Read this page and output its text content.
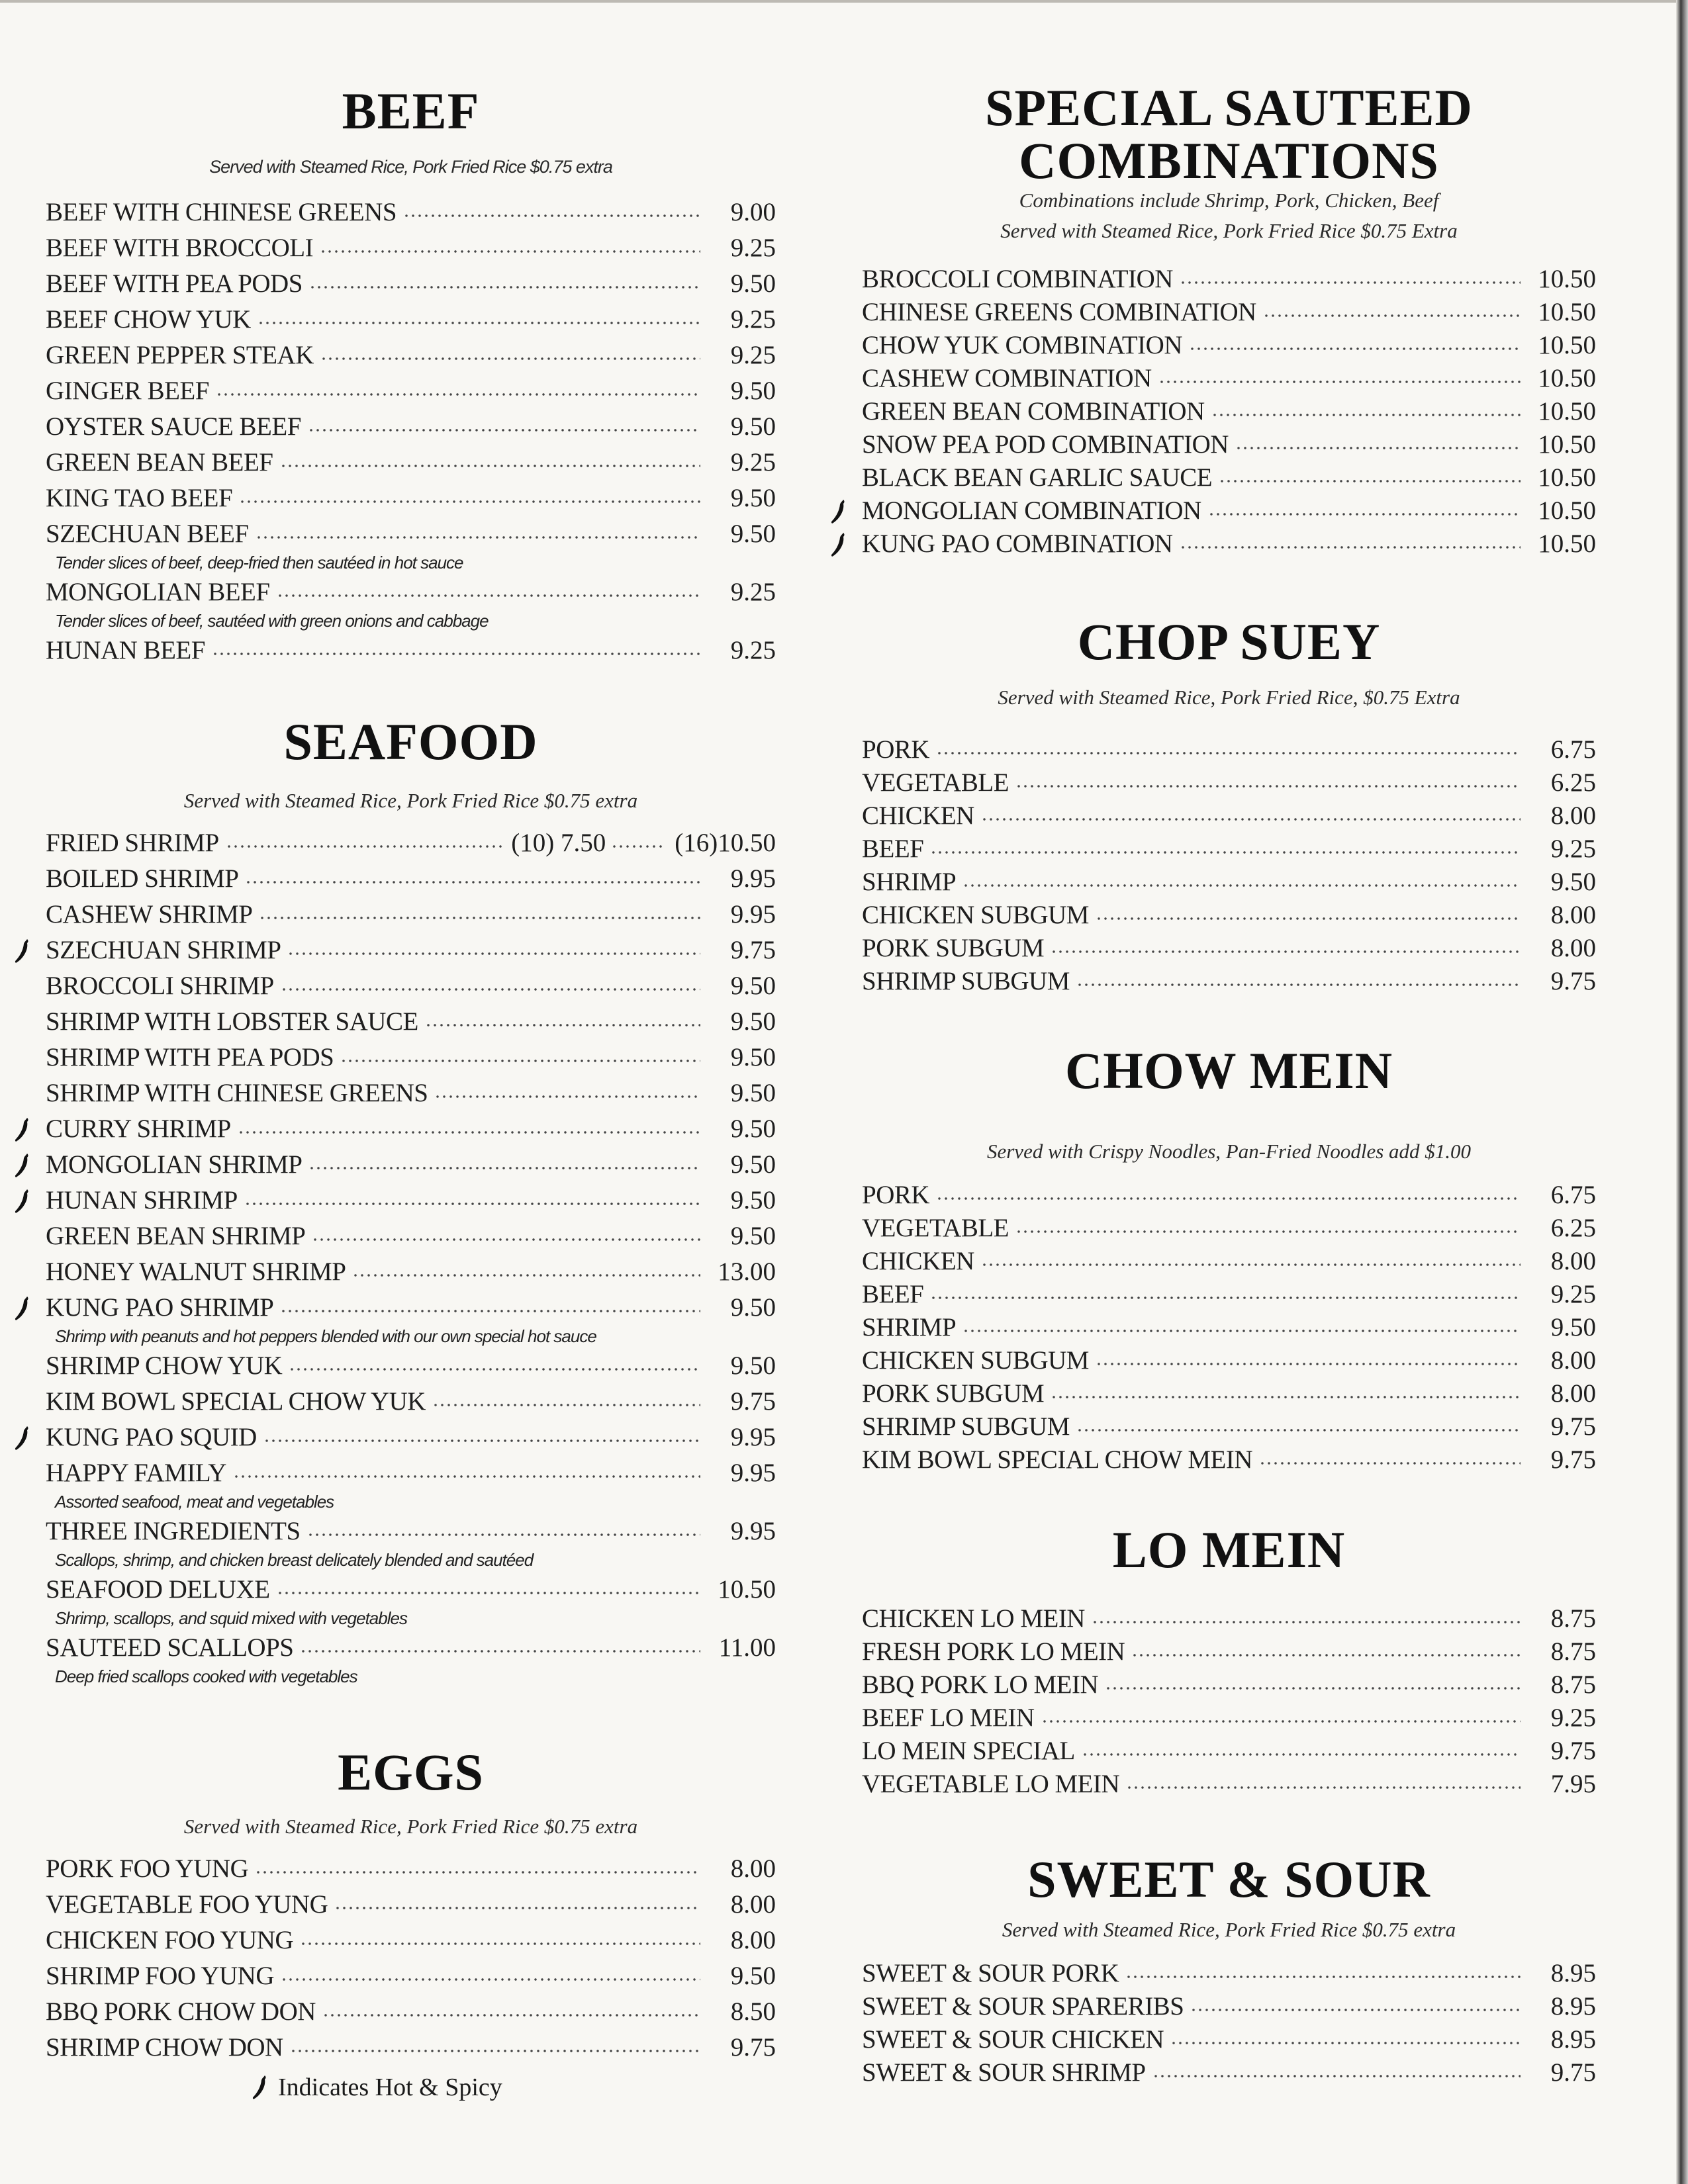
BEEF
Served with Steamed Rice, Pork Fried Rice $0.75 extra
BEEF WITH CHINESE GREENS	9.00
BEEF WITH BROCCOLI	9.25
BEEF WITH PEA PODS	9.50
BEEF CHOW YUK	9.25
GREEN PEPPER STEAK	9.25
GINGER BEEF	9.50
OYSTER SAUCE BEEF	9.50
GREEN BEAN BEEF	9.25
KING TAO BEEF	9.50
SZECHUAN BEEF	9.50
Tender slices of beef, deep-fried then sautéed in hot sauce
MONGOLIAN BEEF	9.25
Tender slices of beef, sautéed with green onions and cabbage
HUNAN BEEF	9.25
SEAFOOD
Served with Steamed Rice, Pork Fried Rice $0.75 extra
FRIED SHRIMP	(10) 7.50	(16)10.50
BOILED SHRIMP	9.95
CASHEW SHRIMP	9.95
SZECHUAN SHRIMP	9.75
BROCCOLI SHRIMP	9.50
SHRIMP WITH LOBSTER SAUCE	9.50
SHRIMP WITH PEA PODS	9.50
SHRIMP WITH CHINESE GREENS	9.50
CURRY SHRIMP	9.50
MONGOLIAN SHRIMP	9.50
HUNAN SHRIMP	9.50
GREEN BEAN SHRIMP	9.50
HONEY WALNUT SHRIMP	13.00
KUNG PAO SHRIMP	9.50
Shrimp with peanuts and hot peppers blended with our own special hot sauce
SHRIMP CHOW YUK	9.50
KIM BOWL SPECIAL CHOW YUK	9.75
KUNG PAO SQUID	9.95
HAPPY FAMILY	9.95
Assorted seafood, meat and vegetables
THREE INGREDIENTS	9.95
Scallops, shrimp, and chicken breast delicately blended and sautéed
SEAFOOD DELUXE	10.50
Shrimp, scallops, and squid mixed with vegetables
SAUTEED SCALLOPS	11.00
Deep fried scallops cooked with vegetables
EGGS
Served with Steamed Rice, Pork Fried Rice $0.75 extra
PORK FOO YUNG	8.00
VEGETABLE FOO YUNG	8.00
CHICKEN FOO YUNG	8.00
SHRIMP FOO YUNG	9.50
BBQ PORK CHOW DON	8.50
SHRIMP CHOW DON	9.75
SPECIAL SAUTEED
COMBINATIONS
Combinations include Shrimp, Pork, Chicken, Beef
Served with Steamed Rice, Pork Fried Rice $0.75 Extra
BROCCOLI COMBINATION	10.50
CHINESE GREENS COMBINATION	10.50
CHOW YUK COMBINATION	10.50
CASHEW COMBINATION	10.50
GREEN BEAN COMBINATION	10.50
SNOW PEA POD COMBINATION	10.50
BLACK BEAN GARLIC SAUCE	10.50
MONGOLIAN COMBINATION	10.50
KUNG PAO COMBINATION	10.50
CHOP SUEY
Served with Steamed Rice, Pork Fried Rice, $0.75 Extra
PORK	6.75
VEGETABLE	6.25
CHICKEN	8.00
BEEF	9.25
SHRIMP	9.50
CHICKEN SUBGUM	8.00
PORK SUBGUM	8.00
SHRIMP SUBGUM	9.75
CHOW MEIN
Served with Crispy Noodles, Pan-Fried Noodles add $1.00
PORK	6.75
VEGETABLE	6.25
CHICKEN	8.00
BEEF	9.25
SHRIMP	9.50
CHICKEN SUBGUM	8.00
PORK SUBGUM	8.00
SHRIMP SUBGUM	9.75
KIM BOWL SPECIAL CHOW MEIN	9.75
LO MEIN
CHICKEN LO MEIN	8.75
FRESH PORK LO MEIN	8.75
BBQ PORK LO MEIN	8.75
BEEF LO MEIN	9.25
LO MEIN SPECIAL	9.75
VEGETABLE LO MEIN	7.95
SWEET & SOUR
Served with Steamed Rice, Pork Fried Rice $0.75 extra
SWEET & SOUR PORK	8.95
SWEET & SOUR SPARERIBS	8.95
SWEET & SOUR CHICKEN	8.95
SWEET & SOUR SHRIMP	9.75
Indicates Hot & Spicy
